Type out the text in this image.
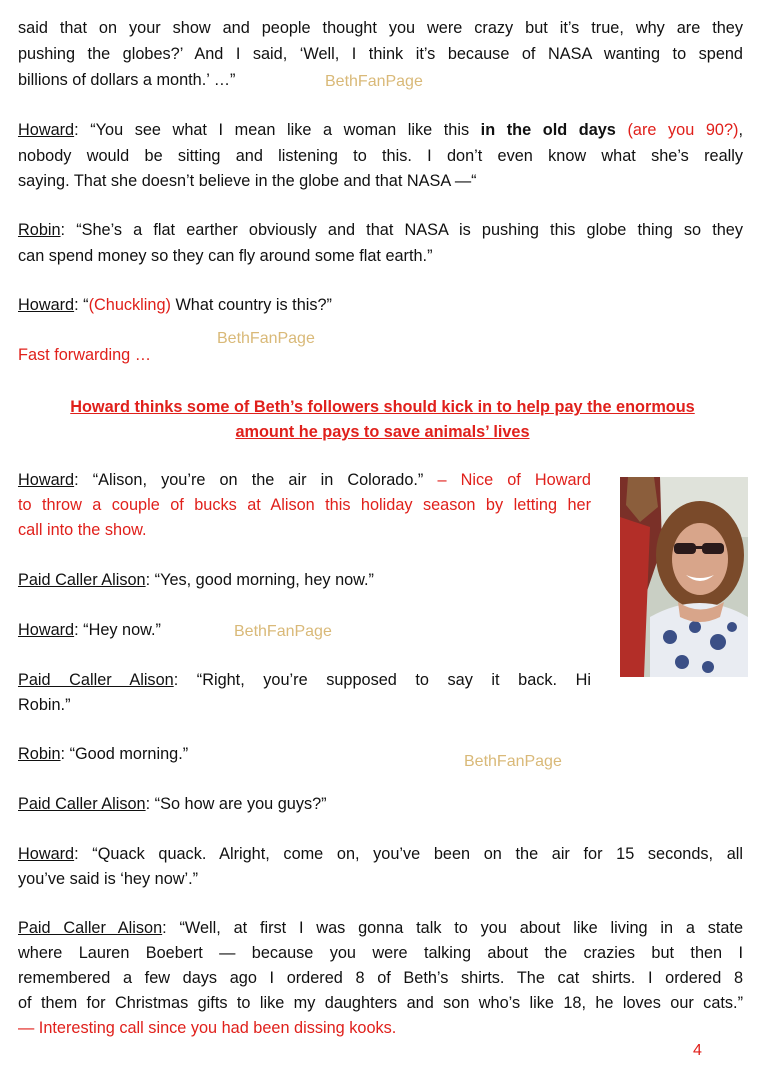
said that on your show and people thought you were crazy but it’s true, why are they
pushing the globes?’ And I said, ‘Well, I think it’s because of NASA wanting to spend
billions of dollars a month.’ …”	BethFanPage
Howard: “You see what I mean like a woman like this in the old days (are you 90?),
nobody would be sitting and listening to this. I don’t even know what she’s really
saying. That she doesn’t believe in the globe and that NASA —“
Robin: “She’s a flat earther obviously and that NASA is pushing this globe thing so they
can spend money so they can fly around some flat earth.”
Howard: “(Chuckling) What country is this?”
BethFanPage
Fast forwarding …
Howard thinks some of Beth’s followers should kick in to help pay the enormous
amount he pays to save animals’ lives
Howard: “Alison, you’re on the air in Colorado.” – Nice of Howard
to throw a couple of bucks at Alison this holiday season by letting her
call into the show.
Paid Caller Alison: “Yes, good morning, hey now.”
Howard: “Hey now.”	BethFanPage
Paid Caller Alison: “Right, you’re supposed to say it back. Hi
Robin.”
Robin: “Good morning.”	BethFanPage
Paid Caller Alison: “So how are you guys?”
Howard: “Quack quack. Alright, come on, you’ve been on the air for 15 seconds, all
you’ve said is ‘hey now’.”
Paid Caller Alison: “Well, at first I was gonna talk to you about like living in a state
where Lauren Boebert — because you were talking about the crazies but then I
remembered a few days ago I ordered 8 of Beth’s shirts. The cat shirts. I ordered 8
of them for Christmas gifts to like my daughters and son who’s like 18, he loves our cats.”
— Interesting call since you had been dissing kooks.
4
